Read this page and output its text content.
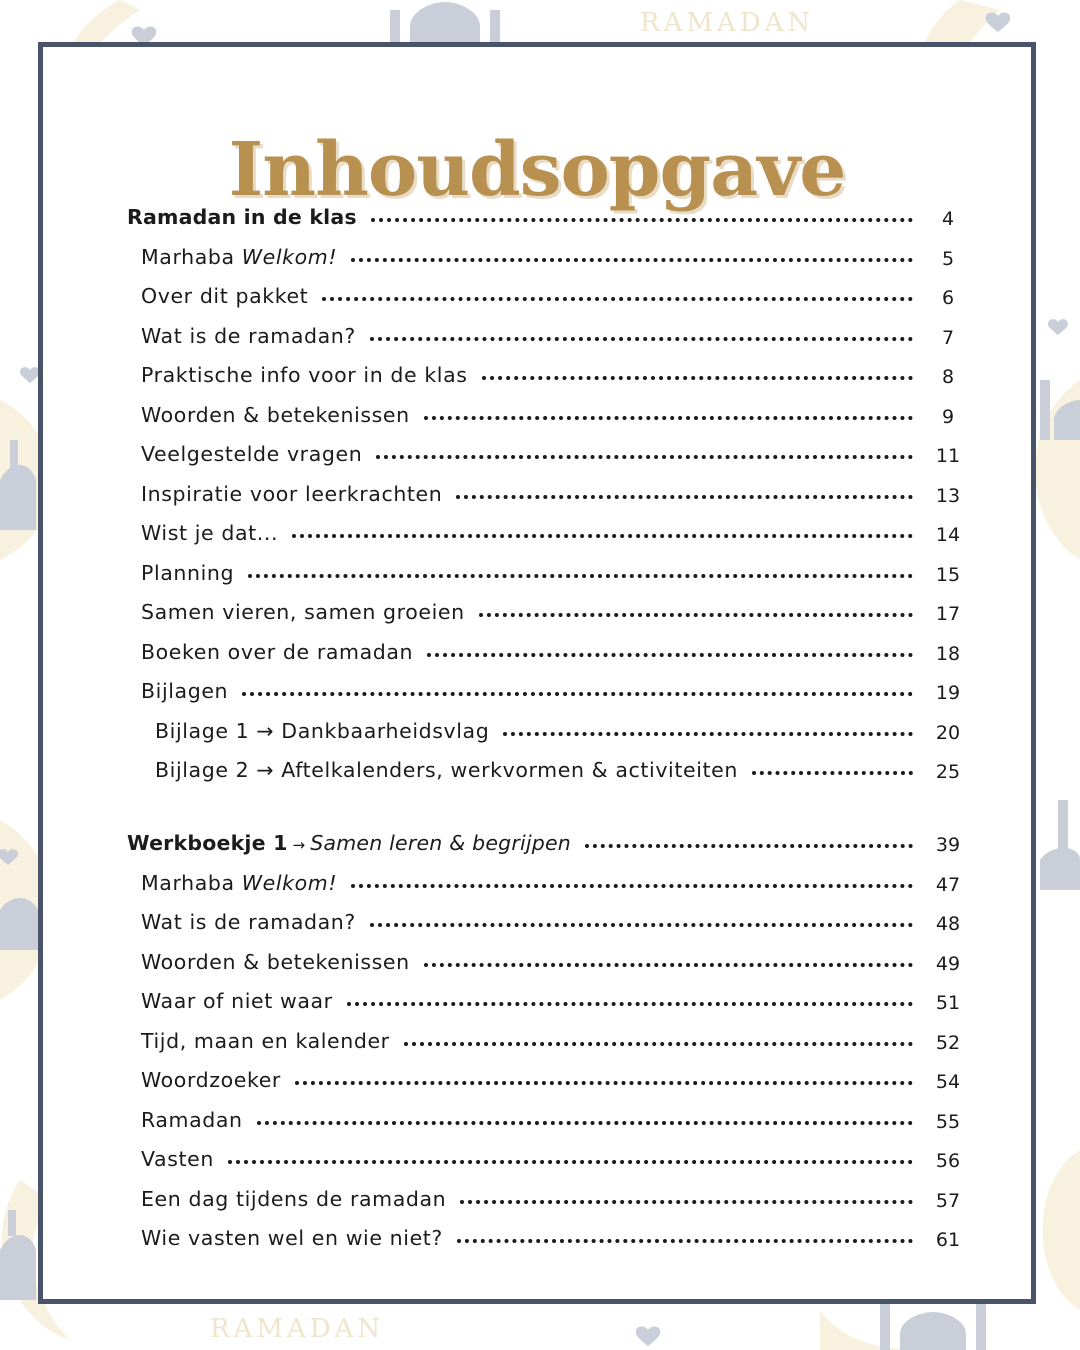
RAMADAN
RAMADAN
Inhoudsopgave
Ramadan in de klas	4
Marhaba Welkom!	5
Over dit pakket	6
Wat is de ramadan?	7
Praktische info voor in de klas	8
Woorden & betekenissen	9
Veelgestelde vragen	11
Inspiratie voor leerkrachten	13
Wist je dat...	14
Planning	15
Samen vieren, samen groeien	17
Boeken over de ramadan	18
Bijlagen	19
Bijlage 1 → Dankbaarheidsvlag	20
Bijlage 2 → Aftelkalenders, werkvormen & activiteiten	25
Werkboekje 1 → Samen leren & begrijpen	39
Marhaba Welkom!	47
Wat is de ramadan?	48
Woorden & betekenissen	49
Waar of niet waar	51
Tijd, maan en kalender	52
Woordzoeker	54
Ramadan	55
Vasten	56
Een dag tijdens de ramadan	57
Wie vasten wel en wie niet?	61
